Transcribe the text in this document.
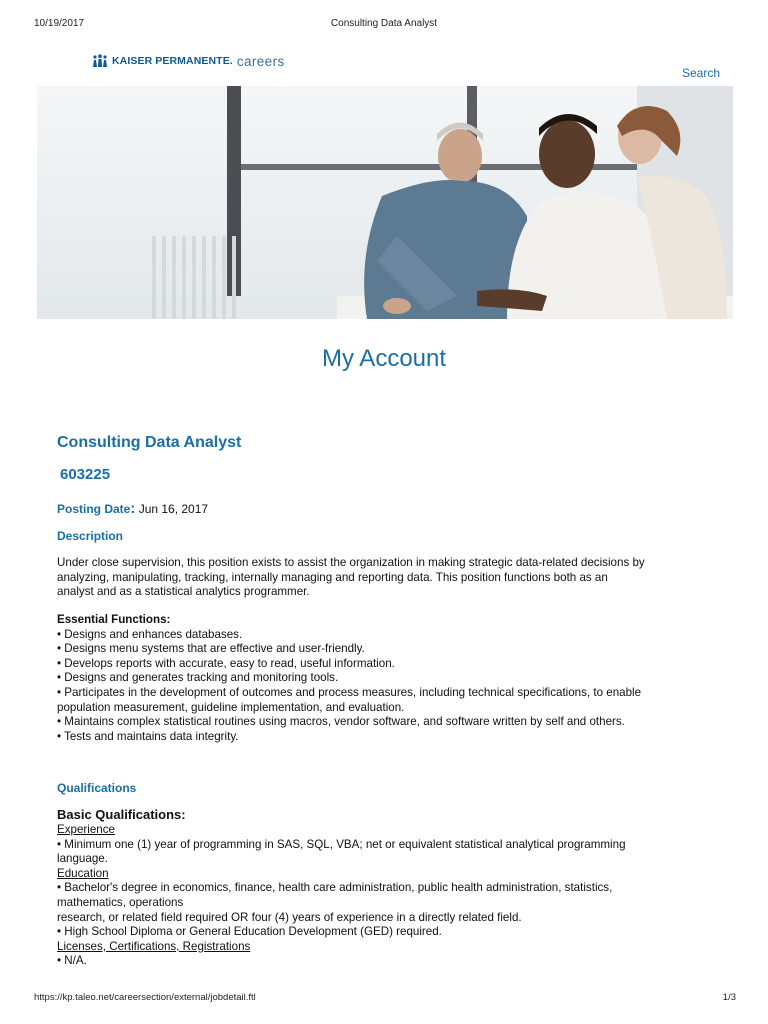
10/19/2017	Consulting Data Analyst
KAISER PERMANENTE. careers
Search
My Account
Consulting Data Analyst
603225
Posting Date: Jun 16, 2017
Description
Under close supervision, this position exists to assist the organization in making strategic data-related decisions by
analyzing, manipulating, tracking, internally managing and reporting data. This position functions both as an
analyst and as a statistical analytics programmer.
Essential Functions:
• Designs and enhances databases.
• Designs menu systems that are effective and user-friendly.
• Develops reports with accurate, easy to read, useful information.
• Designs and generates tracking and monitoring tools.
• Participates in the development of outcomes and process measures, including technical specifications, to enable
population measurement, guideline implementation, and evaluation.
• Maintains complex statistical routines using macros, vendor software, and software written by self and others.
• Tests and maintains data integrity.
Qualifications
Basic Qualifications:
Experience
• Minimum one (1) year of programming in SAS, SQL, VBA; net or equivalent statistical analytical programming
language.
Education
• Bachelor's degree in economics, finance, health care administration, public health administration, statistics,
mathematics, operations
research, or related field required OR four (4) years of experience in a directly related field.
• High School Diploma or General Education Development (GED) required.
Licenses, Certifications, Registrations
• N/A.
https://kp.taleo.net/careersection/external/jobdetail.ftl	1/3
